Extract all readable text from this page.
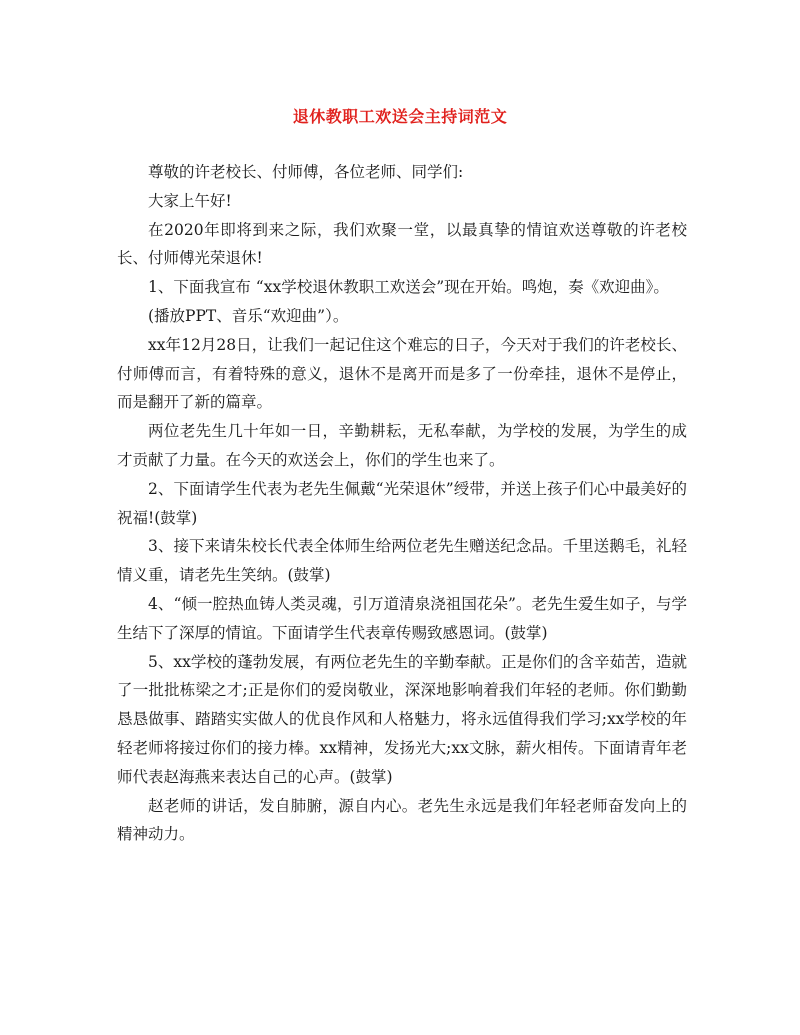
退休教职工欢送会主持词范文

尊敬的许老校长、付师傅，各位老师、同学们:

大家上午好!

在2020年即将到来之际，我们欢聚一堂，以最真挚的情谊欢送尊敬的许老校长、付师傅光荣退休!

1、下面我宣布 “xx学校退休教职工欢送会”现在开始。鸣炮，奏《欢迎曲》。

(播放PPT、音乐“欢迎曲”）。

xx年12月28日，让我们一起记住这个难忘的日子，今天对于我们的许老校长、付师傅而言，有着特殊的意义，退休不是离开而是多了一份牵挂，退休不是停止，而是翻开了新的篇章。

两位老先生几十年如一日，辛勤耕耘，无私奉献，为学校的发展，为学生的成才贡献了力量。在今天的欢送会上，你们的学生也来了。

2、下面请学生代表为老先生佩戴“光荣退休”绶带，并送上孩子们心中最美好的祝福!(鼓掌)

3、接下来请朱校长代表全体师生给两位老先生赠送纪念品。千里送鹅毛，礼轻情义重，请老先生笑纳。(鼓掌)

4、“倾一腔热血铸人类灵魂，引万道清泉浇祖国花朵”。老先生爱生如子，与学生结下了深厚的情谊。下面请学生代表章传赐致感恩词。(鼓掌)

5、xx学校的蓬勃发展，有两位老先生的辛勤奉献。正是你们的含辛茹苦，造就了一批批栋梁之才;正是你们的爱岗敬业，深深地影响着我们年轻的老师。你们勤勤恳恳做事、踏踏实实做人的优良作风和人格魅力，将永远值得我们学习;xx学校的年轻老师将接过你们的接力棒。xx精神，发扬光大;xx文脉，薪火相传。下面请青年老师代表赵海燕来表达自己的心声。(鼓掌)

赵老师的讲话，发自肺腑，源自内心。老先生永远是我们年轻老师奋发向上的精神动力。
